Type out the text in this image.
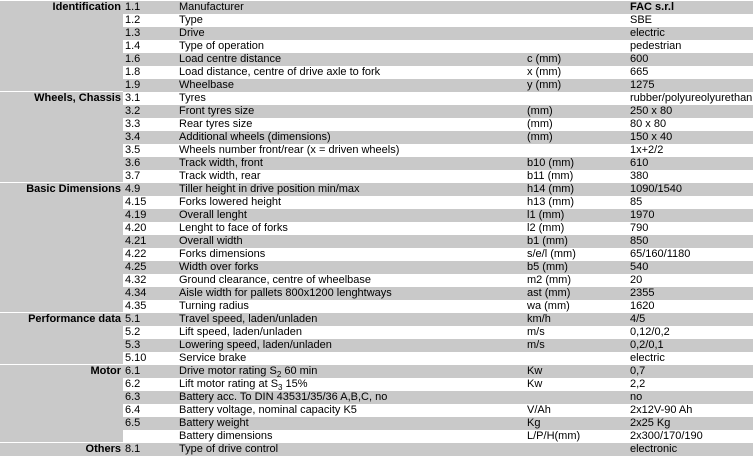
Identification	1.1	Manufacturer		FAC s.r.l
	1.2	Type		SBE
	1.3	Drive		electric
	1.4	Type of operation		pedestrian
	1.6	Load centre distance	c (mm)	600
	1.8	Load distance, centre of drive axle to fork	x (mm)	665
	1.9	Wheelbase	y (mm)	1275
Wheels, Chassis	3.1	Tyres		rubber/polyureolyurethan
	3.2	Front tyres size	(mm)	250 x 80
	3.3	Rear tyres size	(mm)	80 x 80
	3.4	Additional wheels (dimensions)	(mm)	150 x 40
	3.5	Wheels number front/rear (x = driven wheels)		1x+2/2
	3.6	Track width, front	b10 (mm)	610
	3.7	Track width, rear	b11 (mm)	380
Basic Dimensions	4.9	Tiller height in drive position min/max	h14 (mm)	1090/1540
	4.15	Forks lowered height	h13 (mm)	85
	4.19	Overall lenght	l1 (mm)	1970
	4.20	Lenght to face of forks	l2 (mm)	790
	4.21	Overall width	b1 (mm)	850
	4.22	Forks dimensions	s/e/l (mm)	65/160/1180
	4.25	Width over forks	b5 (mm)	540
	4.32	Ground clearance, centre of wheelbase	m2 (mm)	20
	4.34	Aisle width for pallets 800x1200 lenghtways	ast (mm)	2355
	4.35	Turning radius	wa (mm)	1620
Performance data	5.1	Travel speed, laden/unladen	km/h	4/5
	5.2	Lift speed, laden/unladen	m/s	0,12/0,2
	5.3	Lowering speed, laden/unladen	m/s	0,2/0,1
	5.10	Service brake		electric
Motor	6.1	Drive motor rating $S_2$ 60 min	Kw	0,7
	6.2	Lift motor rating at $S_3$ 15%	Kw	2,2
	6.3	Battery acc. To DIN 43531/35/36 A,B,C, no		no
	6.4	Battery voltage, nominal capacity K5	V/Ah	2x12V-90 Ah
	6.5	Battery weight	Kg	2x25 Kg
		Battery dimensions	L/P/H(mm)	2x300/170/190
Others	8.1	Type of drive control		electronic
